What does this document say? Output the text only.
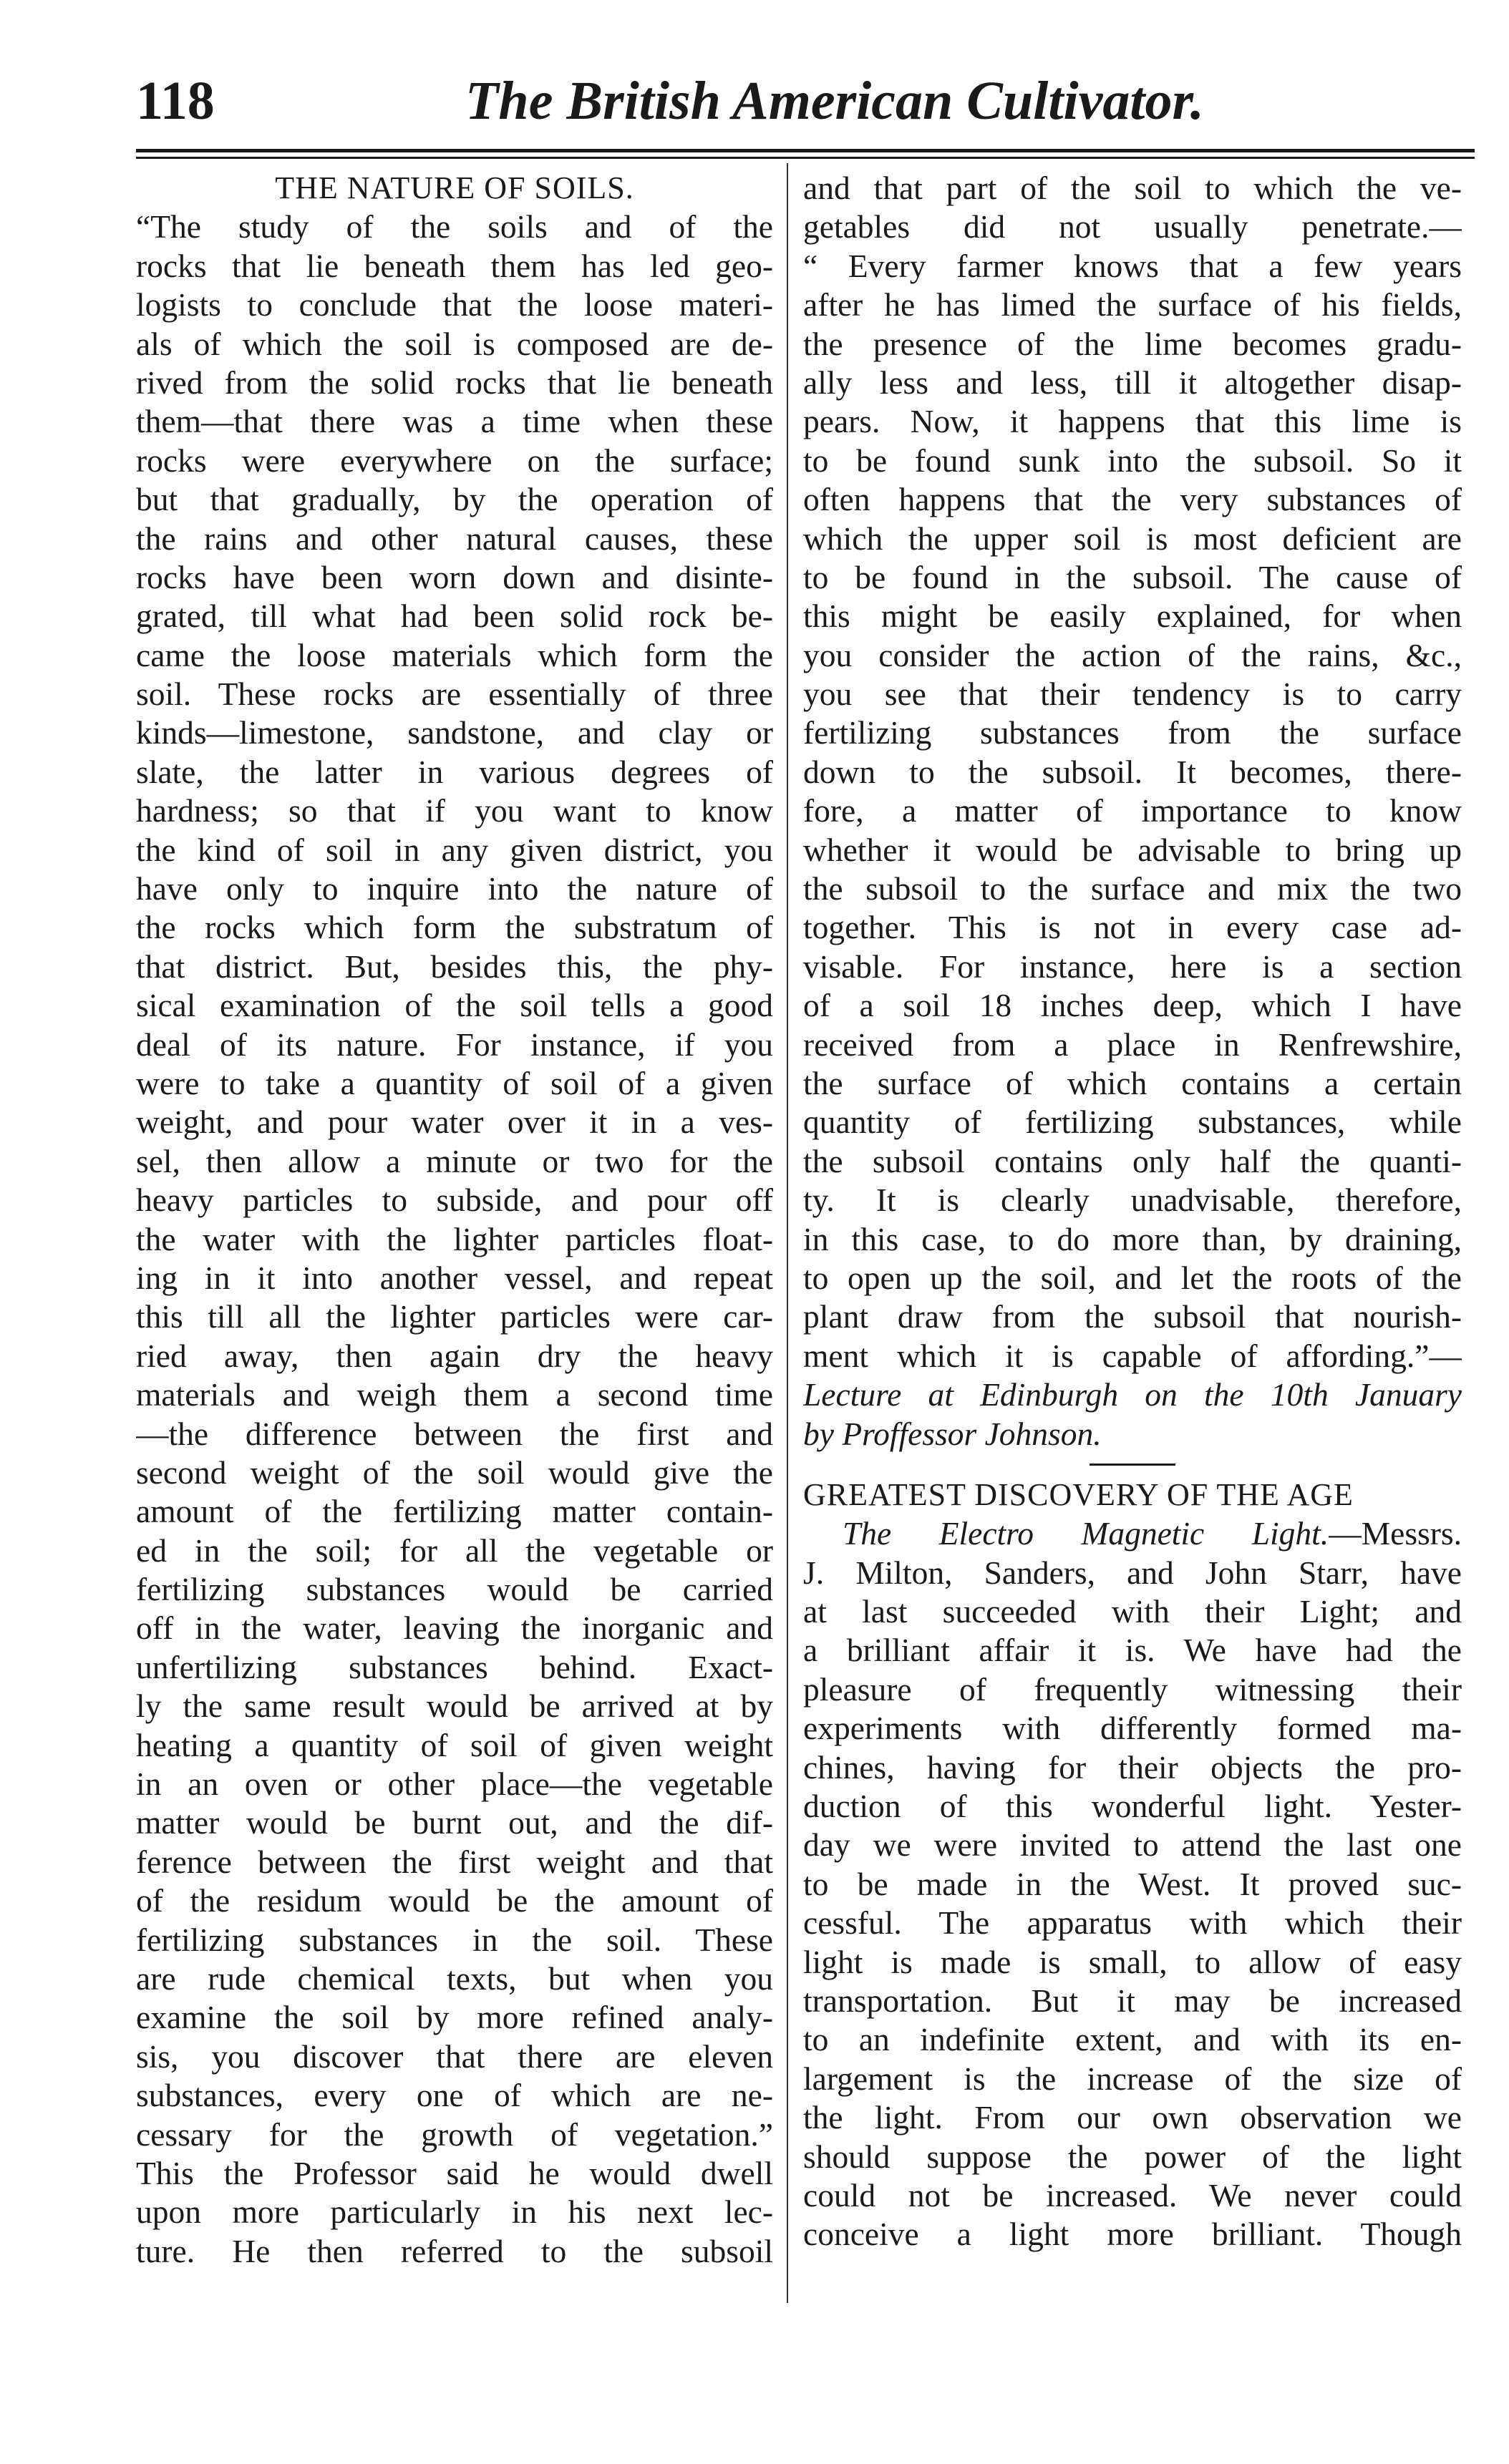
118	The British American Cultivator.
THE NATURE OF SOILS.
“The study of the soils and of the
rocks that lie beneath them has led geo-
logists to conclude that the loose materi-
als of which the soil is composed are de-
rived from the solid rocks that lie beneath
them—that there was a time when these
rocks were everywhere on the surface;
but that gradually, by the operation of
the rains and other natural causes, these
rocks have been worn down and disinte-
grated, till what had been solid rock be-
came the loose materials which form the
soil. These rocks are essentially of three
kinds—limestone, sandstone, and clay or
slate, the latter in various degrees of
hardness; so that if you want to know
the kind of soil in any given district, you
have only to inquire into the nature of
the rocks which form the substratum of
that district. But, besides this, the phy-
sical examination of the soil tells a good
deal of its nature. For instance, if you
were to take a quantity of soil of a given
weight, and pour water over it in a ves-
sel, then allow a minute or two for the
heavy particles to subside, and pour off
the water with the lighter particles float-
ing in it into another vessel, and repeat
this till all the lighter particles were car-
ried away, then again dry the heavy
materials and weigh them a second time
—the difference between the first and
second weight of the soil would give the
amount of the fertilizing matter contain-
ed in the soil; for all the vegetable or
fertilizing substances would be carried
off in the water, leaving the inorganic and
unfertilizing substances behind. Exact-
ly the same result would be arrived at by
heating a quantity of soil of given weight
in an oven or other place—the vegetable
matter would be burnt out, and the dif-
ference between the first weight and that
of the residum would be the amount of
fertilizing substances in the soil. These
are rude chemical texts, but when you
examine the soil by more refined analy-
sis, you discover that there are eleven
substances, every one of which are ne-
cessary for the growth of vegetation.”
This the Professor said he would dwell
upon more particularly in his next lec-
ture. He then referred to the subsoil
and that part of the soil to which the ve-
getables did not usually penetrate.—
“ Every farmer knows that a few years
after he has limed the surface of his fields,
the presence of the lime becomes gradu-
ally less and less, till it altogether disap-
pears. Now, it happens that this lime is
to be found sunk into the subsoil. So it
often happens that the very substances of
which the upper soil is most deficient are
to be found in the subsoil. The cause of
this might be easily explained, for when
you consider the action of the rains, &c.,
you see that their tendency is to carry
fertilizing substances from the surface
down to the subsoil. It becomes, there-
fore, a matter of importance to know
whether it would be advisable to bring up
the subsoil to the surface and mix the two
together. This is not in every case ad-
visable. For instance, here is a section
of a soil 18 inches deep, which I have
received from a place in Renfrewshire,
the surface of which contains a certain
quantity of fertilizing substances, while
the subsoil contains only half the quanti-
ty. It is clearly unadvisable, therefore,
in this case, to do more than, by draining,
to open up the soil, and let the roots of the
plant draw from the subsoil that nourish-
ment which it is capable of affording.”—
Lecture at Edinburgh on the 10th January
by Proffessor Johnson.
GREATEST DISCOVERY OF THE AGE
The Electro Magnetic Light.—Messrs.
J. Milton, Sanders, and John Starr, have
at last succeeded with their Light; and
a brilliant affair it is. We have had the
pleasure of frequently witnessing their
experiments with differently formed ma-
chines, having for their objects the pro-
duction of this wonderful light. Yester-
day we were invited to attend the last one
to be made in the West. It proved suc-
cessful. The apparatus with which their
light is made is small, to allow of easy
transportation. But it may be increased
to an indefinite extent, and with its en-
largement is the increase of the size of
the light. From our own observation we
should suppose the power of the light
could not be increased. We never could
conceive a light more brilliant. Though
